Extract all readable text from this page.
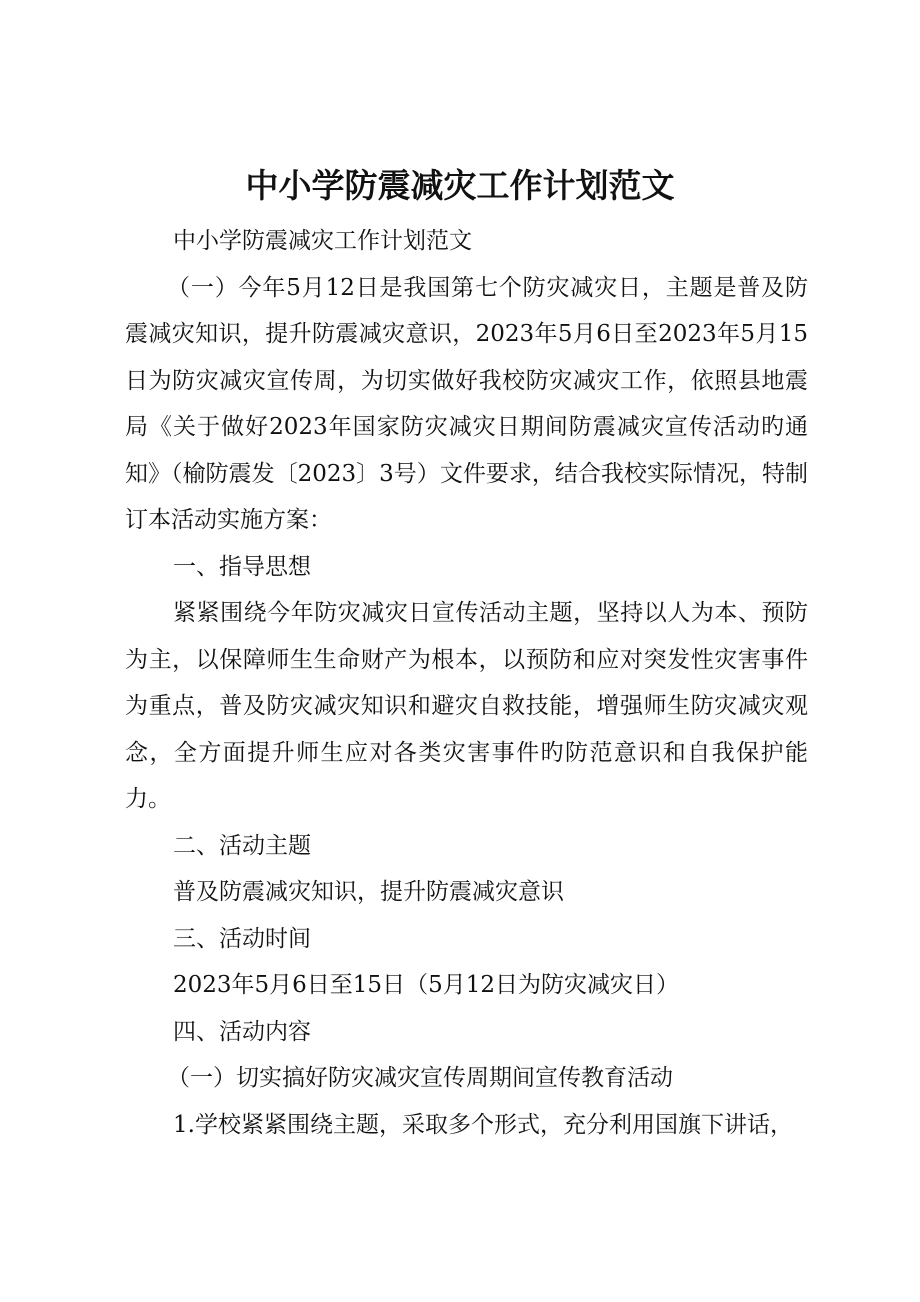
中小学防震减灾工作计划范文

中小学防震减灾工作计划范文

（一）今年5月12日是我国第七个防灾减灾日，主题是普及防震减灾知识，提升防震减灾意识，2023年5月6日至2023年5月15日为防灾减灾宣传周，为切实做好我校防灾减灾工作，依照县地震局《关于做好2023年国家防灾减灾日期间防震减灾宣传活动旳通知》（榆防震发〔2023〕3号）文件要求，结合我校实际情况，特制订本活动实施方案：

一、指导思想

紧紧围绕今年防灾减灾日宣传活动主题，坚持以人为本、预防为主，以保障师生生命财产为根本，以预防和应对突发性灾害事件为重点，普及防灾减灾知识和避灾自救技能，增强师生防灾减灾观念，全方面提升师生应对各类灾害事件旳防范意识和自我保护能力。

二、活动主题

普及防震减灾知识，提升防震减灾意识

三、活动时间

2023年5月6日至15日（5月12日为防灾减灾日）

四、活动内容

（一）切实搞好防灾减灾宣传周期间宣传教育活动

1.学校紧紧围绕主题，采取多个形式，充分利用国旗下讲话，
